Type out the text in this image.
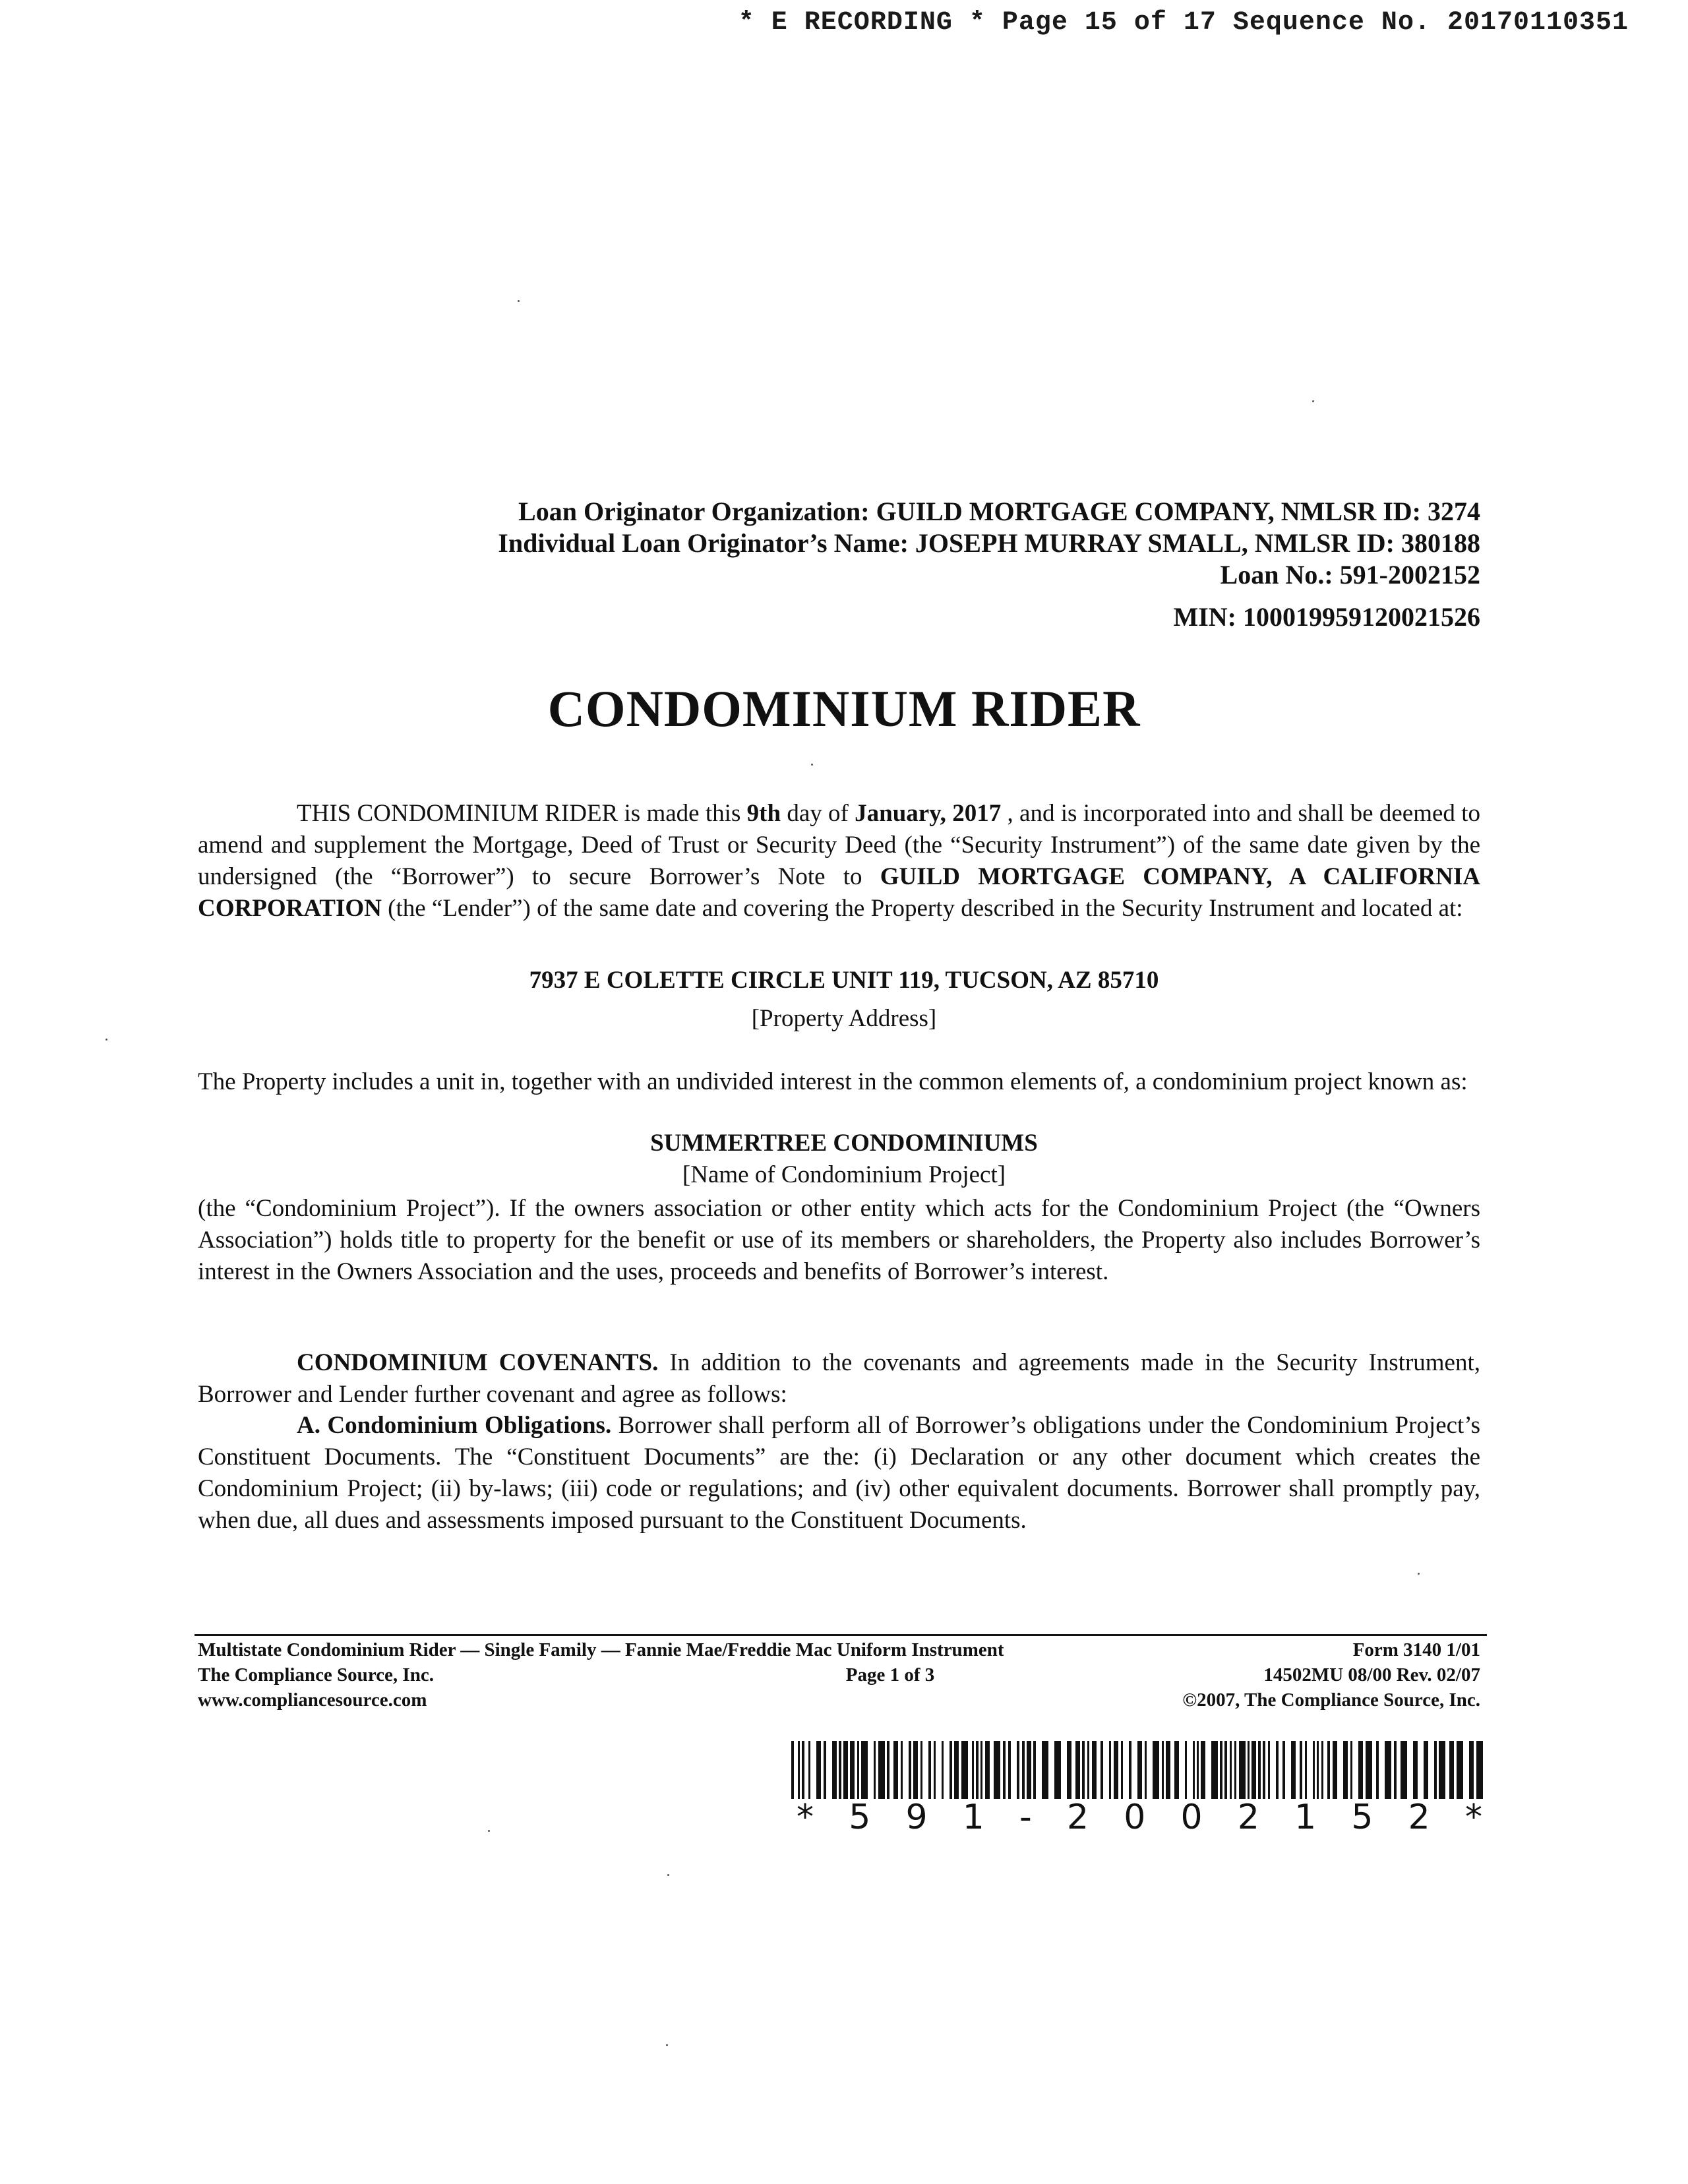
* E RECORDING * Page 15 of 17 Sequence No. 20170110351
Loan Originator Organization: GUILD MORTGAGE COMPANY, NMLSR ID: 3274
Individual Loan Originator’s Name: JOSEPH MURRAY SMALL, NMLSR ID: 380188
Loan No.: 591-2002152
MIN: 100019959120021526
CONDOMINIUM RIDER

THIS CONDOMINIUM RIDER is made this 9th day of January, 2017 , and is incorporated into and shall be deemed to amend and supplement the Mortgage, Deed of Trust or Security Deed (the “Security Instrument”) of the same date given by the undersigned (the “Borrower”) to secure Borrower’s Note to GUILD MORTGAGE COMPANY, A CALIFORNIA CORPORATION (the “Lender”) of the same date and covering the Property described in the Security Instrument and located at:

7937 E COLETTE CIRCLE UNIT 119, TUCSON, AZ 85710
[Property Address]

The Property includes a unit in, together with an undivided interest in the common elements of, a condominium project known as:

SUMMERTREE CONDOMINIUMS
[Name of Condominium Project]

(the “Condominium Project”). If the owners association or other entity which acts for the Condominium Project (the “Owners Association”) holds title to property for the benefit or use of its members or shareholders, the Property also includes Borrower’s interest in the Owners Association and the uses, proceeds and benefits of Borrower’s interest.

CONDOMINIUM COVENANTS. In addition to the covenants and agreements made in the Security Instrument, Borrower and Lender further covenant and agree as follows:

A. Condominium Obligations. Borrower shall perform all of Borrower’s obligations under the Condominium Project’s Constituent Documents. The “Constituent Documents” are the: (i) Declaration or any other document which creates the Condominium Project; (ii) by-laws; (iii) code or regulations; and (iv) other equivalent documents. Borrower shall promptly pay, when due, all dues and assessments imposed pursuant to the Constituent Documents.

Multistate Condominium Rider — Single Family — Fannie Mae/Freddie Mac Uniform Instrument
The Compliance Source, Inc.
www.compliancesource.com
Page 1 of 3
Form 3140 1/01
14502MU 08/00 Rev. 02/07
©2007, The Compliance Source, Inc.
* 5 9 1 - 2 0 0 2 1 5 2 *
